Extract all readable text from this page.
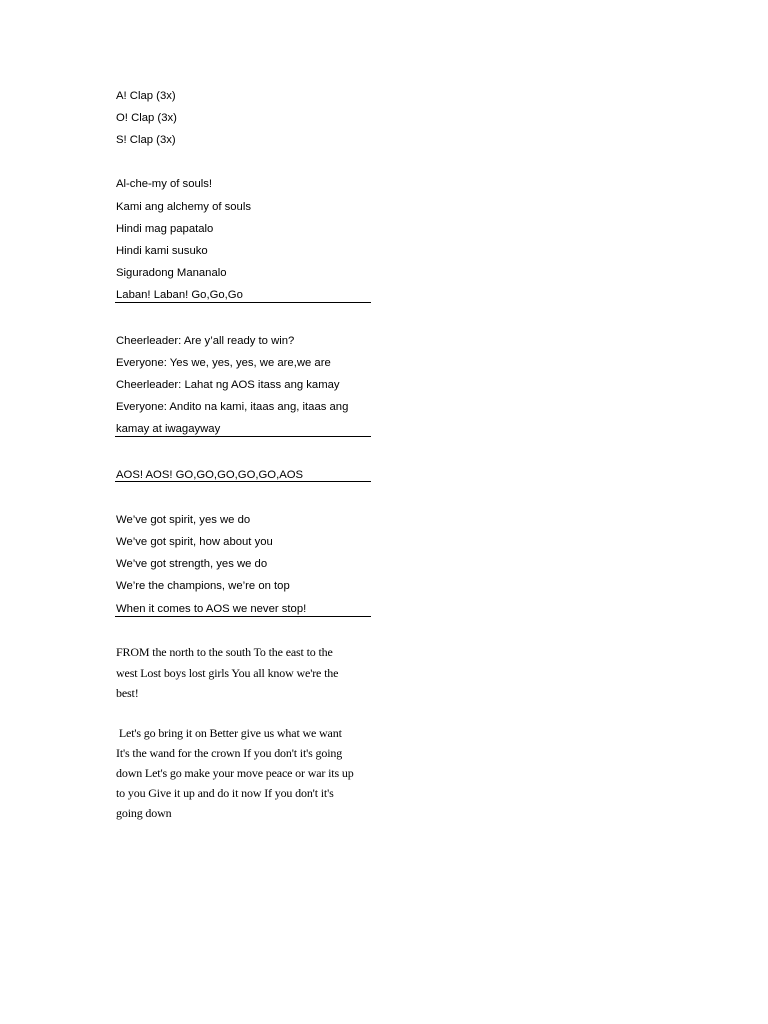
A! Clap (3x)
O! Clap (3x)
S! Clap (3x)
Al-che-my of souls!
Kami ang alchemy of souls
Hindi mag papatalo
Hindi kami susuko
Siguradong Mananalo
Laban! Laban! Go,Go,Go
Cheerleader: Are y’all ready to win?
Everyone: Yes we, yes, yes, we are,we are
Cheerleader: Lahat ng AOS itass ang kamay
Everyone: Andito na kami, itaas ang, itaas ang
kamay at iwagayway
AOS! AOS! GO,GO,GO,GO,GO,AOS
We’ve got spirit, yes we do
We’ve got spirit, how about you
We’ve got strength, yes we do
We’re the champions, we’re on top
When it comes to AOS we never stop!
FROM the north to the south To the east to the
west Lost boys lost girls You all know we're the
best!
Let's go bring it on Better give us what we want
It's the wand for the crown If you don't it's going
down Let's go make your move peace or war its up
to you Give it up and do it now If you don't it's
going down
